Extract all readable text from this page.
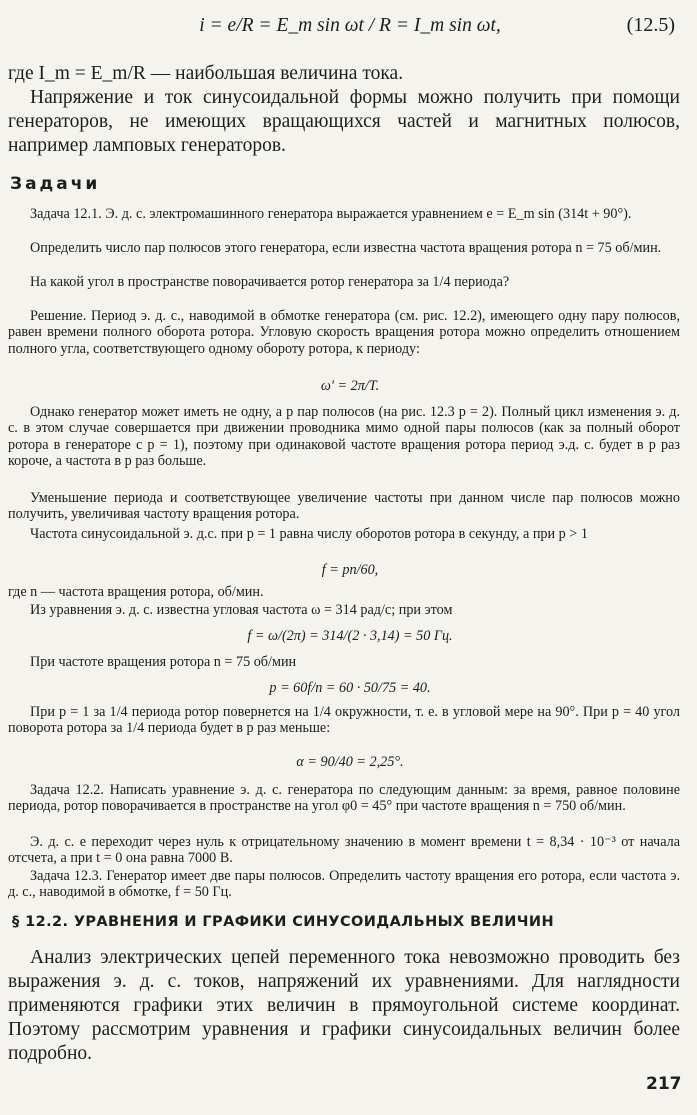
i = e/R = E_m sin ωt / R = I_m sin ωt,	(12.5)

где I_m = E_m/R — наибольшая величина тока.

Напряжение и ток синусоидальной формы можно получить при помощи генераторов, не имеющих вращающихся частей и магнитных полюсов, например ламповых генераторов.

Задачи

Задача 12.1. Э. д. с. электромашинного генератора выражается уравнением e = E_m sin (314t + 90°).

Определить число пар полюсов этого генератора, если известна частота вращения ротора n = 75 об/мин.

На какой угол в пространстве поворачивается ротор генератора за 1/4 периода?

Решение. Период э. д. с., наводимой в обмотке генератора (см. рис. 12.2), имеющего одну пару полюсов, равен времени полного оборота ротора. Угловую скорость вращения ротора можно определить отношением полного угла, соответствующего одному обороту ротора, к периоду:

ω' = 2π/T.

Однако генератор может иметь не одну, а p пар полюсов (на рис. 12.3 p = 2). Полный цикл изменения э. д. с. в этом случае совершается при движении проводника мимо одной пары полюсов (как за полный оборот ротора в генераторе с p = 1), поэтому при одинаковой частоте вращения ротора период э.д. с. будет в p раз короче, а частота в p раз больше.

Уменьшение периода и соответствующее увеличение частоты при данном числе пар полюсов можно получить, увеличивая частоту вращения ротора.

Частота синусоидальной э. д.с. при p = 1 равна числу оборотов ротора в секунду, а при p > 1

f = pn/60,

где n — частота вращения ротора, об/мин.

Из уравнения э. д. с. известна угловая частота ω = 314 рад/с; при этом

f = ω/(2π) = 314/(2 · 3,14) = 50 Гц.

При частоте вращения ротора n = 75 об/мин

p = 60f/n = 60 · 50/75 = 40.

При p = 1 за 1/4 периода ротор повернется на 1/4 окружности, т. е. в угловой мере на 90°. При p = 40 угол поворота ротора за 1/4 периода будет в p раз меньше:

α = 90/40 = 2,25°.

Задача 12.2. Написать уравнение э. д. с. генератора по следующим данным: за время, равное половине периода, ротор поворачивается в пространстве на угол φ0 = 45° при частоте вращения n = 750 об/мин.

Э. д. с. e переходит через нуль к отрицательному значению в момент времени t = 8,34 · 10⁻³ от начала отсчета, а при t = 0 она равна 7000 В.

Задача 12.3. Генератор имеет две пары полюсов. Определить частоту вращения его ротора, если частота э. д. с., наводимой в обмотке, f = 50 Гц.

§ 12.2. УРАВНЕНИЯ И ГРАФИКИ СИНУСОИДАЛЬНЫХ ВЕЛИЧИН

Анализ электрических цепей переменного тока невозможно проводить без выражения э. д. с. токов, напряжений их уравнениями. Для наглядности применяются графики этих величин в прямоугольной системе координат. Поэтому рассмотрим уравнения и графики синусоидальных величин более подробно.

217
